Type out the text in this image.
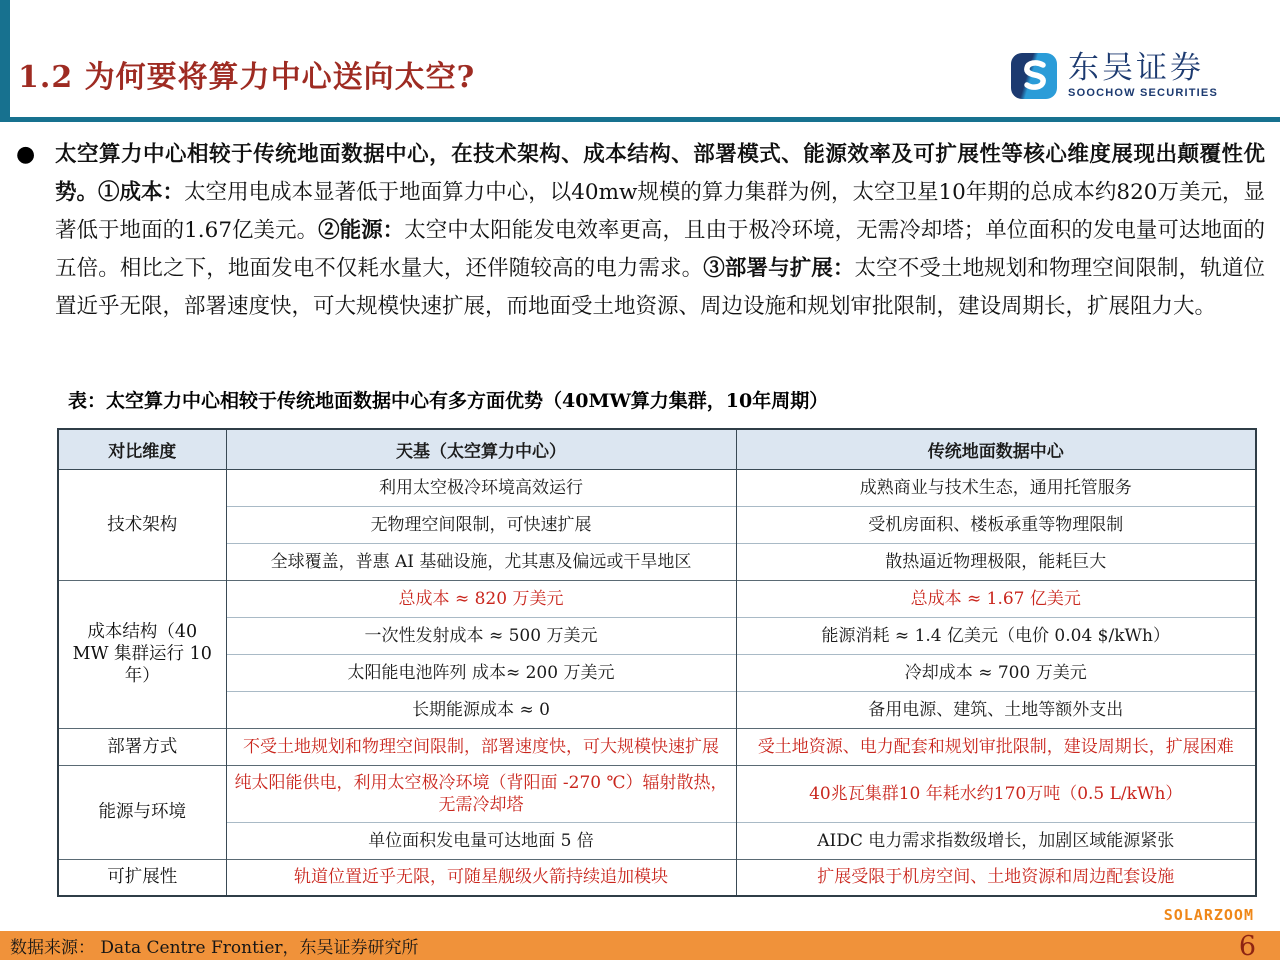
1.2 为何要将算力中心送向太空?	东吴证券
SOOCHOW SECURITIES
● 太空算力中心相较于传统地面数据中心，在技术架构、成本结构、部署模式、能源效率及可扩展性等核心维度展现出颠覆性优势。①成本：太空用电成本显著低于地面算力中心，以40mw规模的算力集群为例，太空卫星10年期的总成本约820万美元，显著低于地面的1.67亿美元。②能源：太空中太阳能发电效率更高，且由于极冷环境，无需冷却塔；单位面积的发电量可达地面的五倍。相比之下，地面发电不仅耗水量大，还伴随较高的电力需求。③部署与扩展：太空不受土地规划和物理空间限制，轨道位置近乎无限，部署速度快，可大规模快速扩展，而地面受土地资源、周边设施和规划审批限制，建设周期长，扩展阻力大。
表：太空算力中心相较于传统地面数据中心有多方面优势（40MW算力集群，10年周期）
对比维度	天基（太空算力中心）	传统地面数据中心
技术架构	利用太空极冷环境高效运行	成熟商业与技术生态，通用托管服务
	无物理空间限制，可快速扩展	受机房面积、楼板承重等物理限制
	全球覆盖，普惠 AI 基础设施，尤其惠及偏远或干旱地区	散热逼近物理极限，能耗巨大
成本结构（40 MW 集群运行 10 年）	总成本 ≈ 820 万美元	总成本 ≈ 1.67 亿美元
	一次性发射成本 ≈ 500 万美元	能源消耗 ≈ 1.4 亿美元（电价 0.04 $/kWh）
	太阳能电池阵列 成本≈ 200 万美元	冷却成本 ≈ 700 万美元
	长期能源成本 ≈ 0	备用电源、建筑、土地等额外支出
部署方式	不受土地规划和物理空间限制，部署速度快，可大规模快速扩展	受土地资源、电力配套和规划审批限制，建设周期长，扩展困难
能源与环境	纯太阳能供电，利用太空极冷环境（背阳面 -270 ℃）辐射散热，无需冷却塔	40兆瓦集群10 年耗水约170万吨（0.5 L/kWh）
	单位面积发电量可达地面 5 倍	AIDC 电力需求指数级增长，加剧区域能源紧张
可扩展性	轨道位置近乎无限，可随星舰级火箭持续追加模块	扩展受限于机房空间、土地资源和周边配套设施
SOLARZOOM
数据来源： Data Centre Frontier，东吴证券研究所	6
